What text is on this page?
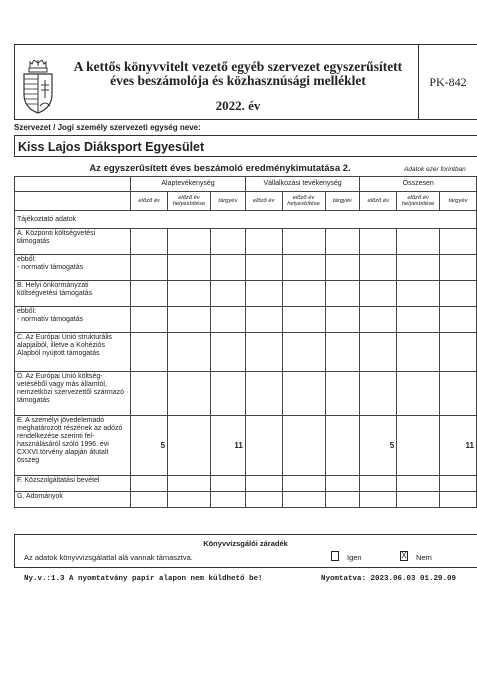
A kettős könyvvitelt vezető egyéb szervezet egyszerűsített
éves beszámolója és közhasznúsági melléklet
2022. év
PK-842
Szervezet / Jogi személy szervezeti egység neve:
Kiss Lajos Diáksport Egyesület
Az egyszerűsített éves beszámoló eredménykimutatása 2.	Adatok ezer forintban
	Alaptevékenység			Vállalkozási tevékenység			Összesen		
	előző év	előző év helyesbítése	tárgyév	előző év	előző év helyesbítése	tárgyév	előző év	előző év helyesbítése	tárgyév
Tájékoztató adatok									
A. Központi költségvetési támogatás									
ebből:
- normatív támogatás									
B. Helyi önkormányzati költségvetési támogatás									
ebből:
- normatív támogatás									
C. Az Európai Unió strukturális alapjaiból, illetve a Kohéziós Alapból nyújtott támogatás									
D. Az Európai Unió költség-vetéséből vagy más államtól, nemzetközi szervezettől származó támogatás									
E. A személyi jövedelemadó meghatározott részének az adózó rendelkezése szerinti fel-használásáról szóló 1996. évi CXXVI.törvény alapján átutalt összeg	5		11				5		11
F. Közszolgáltatási bevétel									
G. Adományok									
Könyvvizsgálói záradék
Az adatok könyvvizsgálattal alá vannak támasztva.	Igen	X Nem
Ny.v.:1.3 A nyomtatvány papír alapon nem küldhető be!	Nyomtatva: 2023.06.03 01.29.09
